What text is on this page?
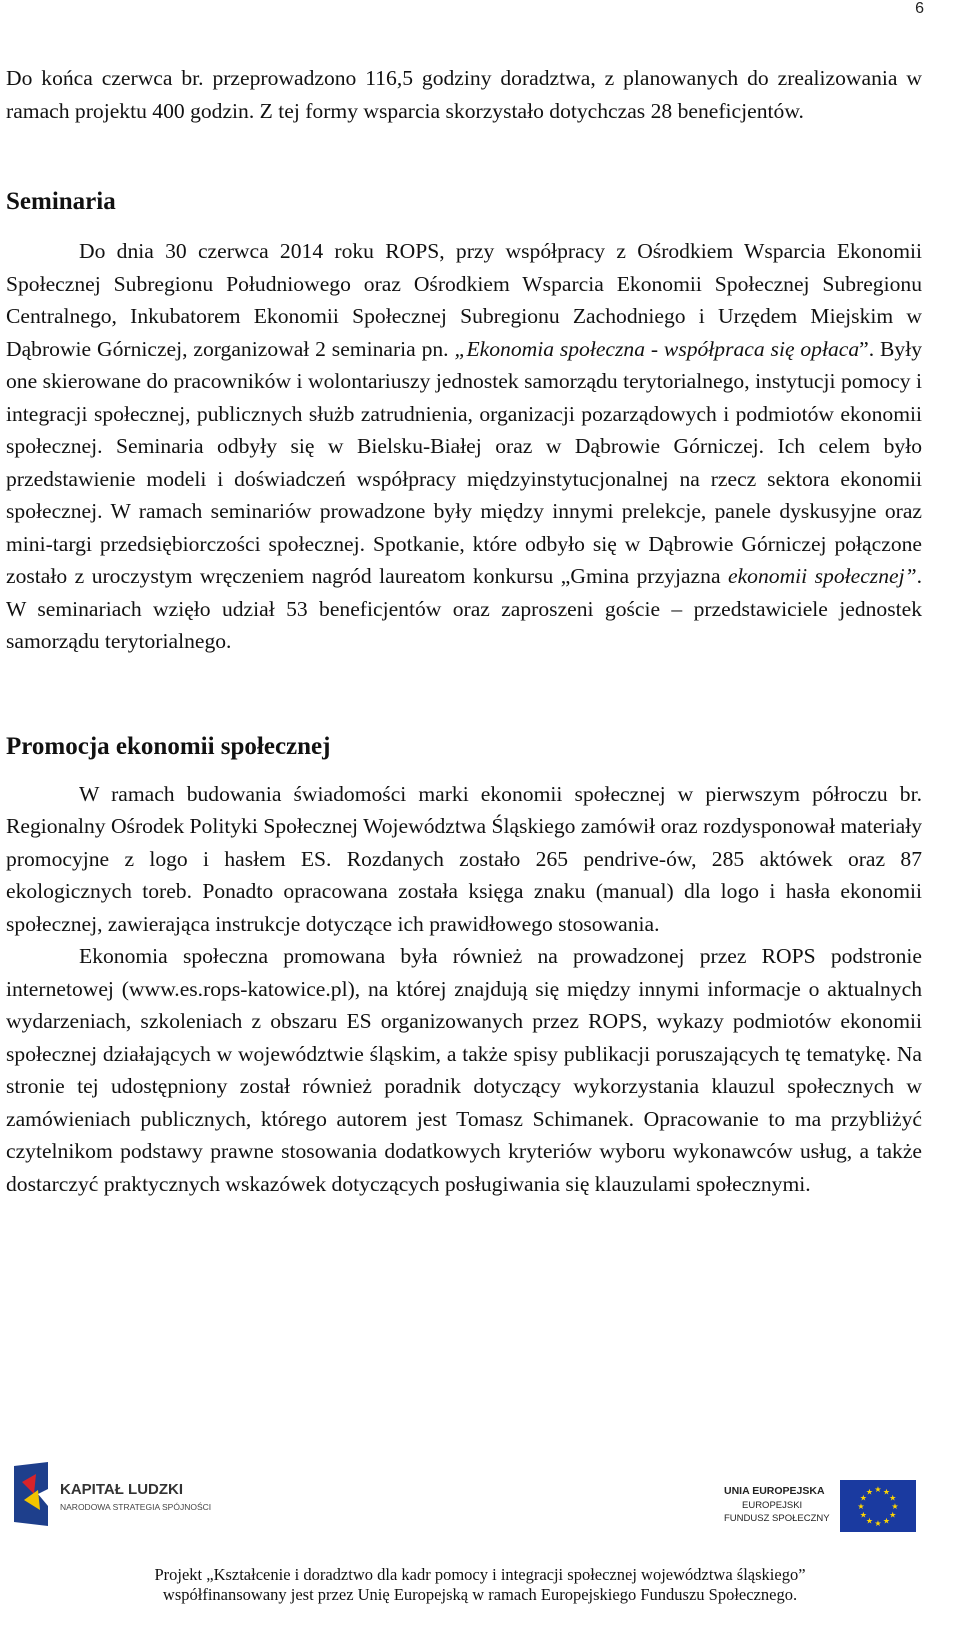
6

Do końca czerwca br. przeprowadzono 116,5 godziny doradztwa, z planowanych do zrealizowania w ramach projektu 400 godzin. Z tej formy wsparcia skorzystało dotychczas 28 beneficjentów.

Seminaria

Do dnia 30 czerwca 2014 roku ROPS, przy współpracy z Ośrodkiem Wsparcia Ekonomii Społecznej Subregionu Południowego oraz Ośrodkiem Wsparcia Ekonomii Społecznej Subregionu Centralnego, Inkubatorem Ekonomii Społecznej Subregionu Zachodniego i Urzędem Miejskim w Dąbrowie Górniczej, zorganizował 2 seminaria pn. „Ekonomia społeczna - współpraca się opłaca”. Były one skierowane do pracowników i wolontariuszy jednostek samorządu terytorialnego, instytucji pomocy i integracji społecznej, publicznych służb zatrudnienia, organizacji pozarządowych i podmiotów ekonomii społecznej. Seminaria odbyły się w Bielsku-Białej oraz w Dąbrowie Górniczej. Ich celem było przedstawienie modeli i doświadczeń współpracy międzyinstytucjonalnej na rzecz sektora ekonomii społecznej. W ramach seminariów prowadzone były między innymi prelekcje, panele dyskusyjne oraz mini-targi przedsiębiorczości społecznej. Spotkanie, które odbyło się w Dąbrowie Górniczej połączone zostało z uroczystym wręczeniem nagród laureatom konkursu „Gmina przyjazna ekonomii społecznej”. W seminariach wzięło udział 53 beneficjentów oraz zaproszeni goście – przedstawiciele jednostek samorządu terytorialnego.

Promocja ekonomii społecznej

W ramach budowania świadomości marki ekonomii społecznej w pierwszym półroczu br. Regionalny Ośrodek Polityki Społecznej Województwa Śląskiego zamówił oraz rozdysponował materiały promocyjne z logo i hasłem ES. Rozdanych zostało 265 pendrive-ów, 285 aktówek oraz 87 ekologicznych toreb. Ponadto opracowana została księga znaku (manual) dla logo i hasła ekonomii społecznej, zawierająca instrukcje dotyczące ich prawidłowego stosowania.

Ekonomia społeczna promowana była również na prowadzonej przez ROPS podstronie internetowej (www.es.rops-katowice.pl), na której znajdują się między innymi informacje o aktualnych wydarzeniach, szkoleniach z obszaru ES organizowanych przez ROPS, wykazy podmiotów ekonomii społecznej działających w województwie śląskim, a także spisy publikacji poruszających tę tematykę. Na stronie tej udostępniony został również poradnik dotyczący wykorzystania klauzul społecznych w zamówieniach publicznych, którego autorem jest Tomasz Schimanek. Opracowanie to ma przybliżyć czytelnikom podstawy prawne stosowania dodatkowych kryteriów wyboru wykonawców usług, a także dostarczyć praktycznych wskazówek dotyczących posługiwania się klauzulami społecznymi.

KAPITAŁ LUDZKI
NARODOWA STRATEGIA SPÓJNOŚCI
UNIA EUROPEJSKA
EUROPEJSKI
FUNDUSZ SPOŁECZNY
★ ★
★
★
★
★
★
★
★
★
★
★
Projekt „Kształcenie i doradztwo dla kadr pomocy i integracji społecznej województwa śląskiego”
współfinansowany jest przez Unię Europejską w ramach Europejskiego Funduszu Społecznego.
